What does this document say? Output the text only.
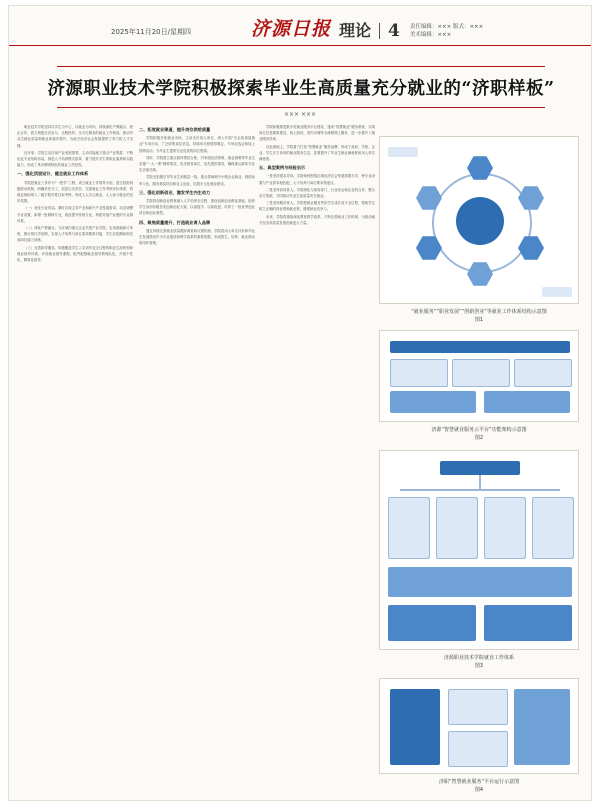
2025年11月20日/星期四	济源日报 理论 4 责任编辑：××× 版式：×××
美术编辑：×××
济源职业技术学院积极探索毕业生高质量充分就业的“济职样板”
××× ×××

职业技术学院坚持以学生为中心，以就业为导向，持续深化产教融合、校企合作，着力构建全员参与、全程指导、全方位服务的就业工作格局，推动毕业生就业质量和就业率稳步提升，为地方经济社会发展提供了有力的人才支撑。

近年来，学院立足区域产业发展需要，主动对接地方重点产业集群，不断优化专业结构布局，推进人才培养模式改革，着力提升学生的职业素养和实践能力，形成了具有鲜明特色的就业工作经验。

一、强化顶层设计，健全就业工作体系

学院把就业工作作为“一把手”工程，成立就业工作领导小组，建立校院两级联动机制，明确责任分工，层层压实责任。完善就业工作考核评价体系，将就业指标纳入二级学院年度目标考核，形成人人关心就业、人人参与就业的良好氛围。

（一）优化专业布局。紧盯区域主导产业和新兴产业发展需求，动态调整专业设置，新增一批紧缺专业，改造提升传统专业，构建对接产业链的专业群体系。

（二）深化产教融合。与区域内重点企业共建产业学院、实训基地和订单班，推行现代学徒制，实现人才培养与岗位需求精准对接，学生在校期间即完成岗位能力训练。

（三）完善指导服务。构建覆盖学生入学到毕业全过程的职业生涯规划和就业指导体系，开设就业指导课程，配齐配强就业指导教师队伍，开展个性化、精准化指导。

二、拓宽就业渠道，提升岗位供给质量

学院积极开拓就业市场，主动走访用人单位，深入开展“访企拓岗促就业”专项行动，广泛收集岗位信息，持续举办校园招聘会、专场双选会和线上招聘活动，为毕业生提供充足优质的岗位资源。

同时，学院建立重点群体帮扶台账，对家庭经济困难、就业困难等毕业生实施“一人一策”精准帮扶，优先推荐岗位，优先提供指导，确保重点群体毕业生应就尽就。

学院还积极引导毕业生到基层一线、重点领域和中小微企业就业，鼓励参军入伍、服务基层项目和自主创业，拓展多元化就业路径。

三、强化创新创业，激发学生内生动力

学院将创新创业教育融入人才培养全过程，建设创新创业孵化基地，组织学生参加各级各类创新创业大赛，以赛促学、以赛促创，培育了一批优秀创业项目和创业典型。

四、聚焦质量提升，打造就业育人品牌

通过持续完善就业质量跟踪调查和反馈机制，学院将用人单位评价和毕业生发展情况作为专业建设和教学改革的重要依据，形成招生、培养、就业联动的闭环管理。

学院积极推进数字化就业服务平台建设，建成“智慧就业”服务系统，实现岗位信息精准推送、线上面试、签约办理等全流程网上服务，进一步提升了就业服务效率。

在此基础上，学院着力打造“智慧就业”服务品牌，形成了政府、学校、企业、学生多方协同的就业服务生态，显著提升了毕业生就业满意度和用人单位满意度。

五、典型案例与经验启示

一是坚持需求导向。学院始终围绕区域经济社会发展需要办学，使专业设置与产业需求相匹配，人才培养与岗位要求相适应。

二是坚持协同育人。学院深化与政府部门、行业协会和企业的合作，整合各方资源，共同推动毕业生高质量充分就业。

三是坚持服务育人。学院把就业服务贯穿学生成长成才全过程，帮助学生树立正确的择业观和就业观，增强就业竞争力。

未来，学院将继续深化教育教学改革，不断完善就业工作机制，为推动地方经济高质量发展贡献更大力量。

“就业服务”“职业发展”“创新创业”等就业工作体系结构示意图
图1
济源“智慧就业服务云平台”功能架构示意图
图2
济源职业技术学院就业工作体系
图3
济职“智慧就业服务”平台运行示意图
图4
